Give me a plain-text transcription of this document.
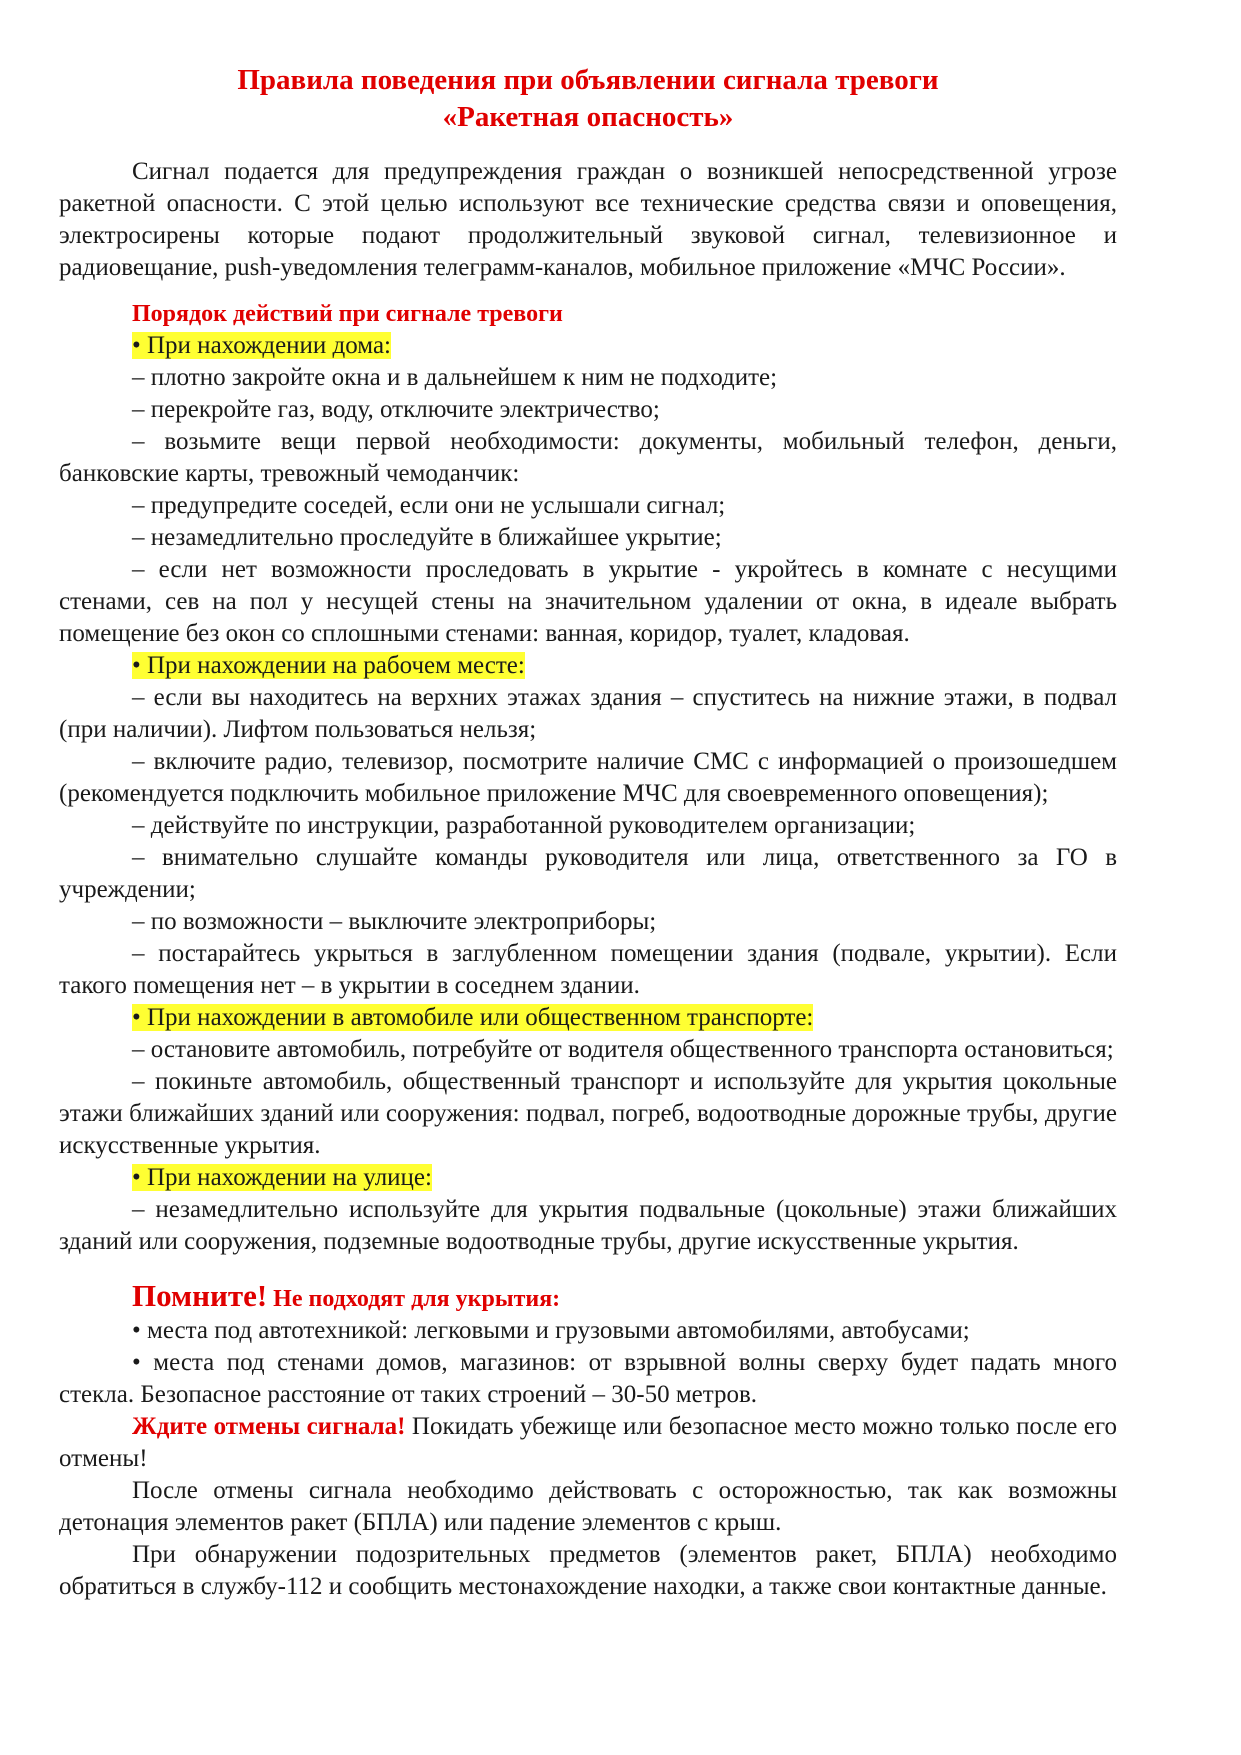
Правила поведения при объявлении сигнала тревоги
«Ракетная опасность»

Сигнал подается для предупреждения граждан о возникшей непосредственной угрозе ракетной опасности. С этой целью используют все технические средства связи и оповещения, электросирены которые подают продолжительный звуковой сигнал, телевизионное и радиовещание, push-уведомления телеграмм-каналов, мобильное приложение «МЧС России».

Порядок действий при сигнале тревоги

• При нахождении дома:

– плотно закройте окна и в дальнейшем к ним не подходите;

– перекройте газ, воду, отключите электричество;

– возьмите вещи первой необходимости: документы, мобильный телефон, деньги, банковские карты, тревожный чемоданчик:

– предупредите соседей, если они не услышали сигнал;

– незамедлительно проследуйте в ближайшее укрытие;

– если нет возможности проследовать в укрытие - укройтесь в комнате с несущими стенами, сев на пол у несущей стены на значительном удалении от окна, в идеале выбрать помещение без окон со сплошными стенами: ванная, коридор, туалет, кладовая.

• При нахождении на рабочем месте:

– если вы находитесь на верхних этажах здания – спуститесь на нижние этажи, в подвал (при наличии). Лифтом пользоваться нельзя;

– включите радио, телевизор, посмотрите наличие СМС с информацией о произошедшем (рекомендуется подключить мобильное приложение МЧС для своевременного оповещения);

– действуйте по инструкции, разработанной руководителем организации;

– внимательно слушайте команды руководителя или лица, ответственного за ГО в учреждении;

– по возможности – выключите электроприборы;

– постарайтесь укрыться в заглубленном помещении здания (подвале, укрытии). Если такого помещения нет – в укрытии в соседнем здании.

• При нахождении в автомобиле или общественном транспорте:

– остановите автомобиль, потребуйте от водителя общественного транспорта остановиться;

– покиньте автомобиль, общественный транспорт и используйте для укрытия цокольные этажи ближайших зданий или сооружения: подвал, погреб, водоотводные дорожные трубы, другие искусственные укрытия.

• При нахождении на улице:

– незамедлительно используйте для укрытия подвальные (цокольные) этажи ближайших зданий или сооружения, подземные водоотводные трубы, другие искусственные укрытия.

Помните! Не подходят для укрытия:

• места под автотехникой: легковыми и грузовыми автомобилями, автобусами;

• места под стенами домов, магазинов: от взрывной волны сверху будет падать много стекла. Безопасное расстояние от таких строений – 30-50 метров.

Ждите отмены сигнала! Покидать убежище или безопасное место можно только после его отмены!

После отмены сигнала необходимо действовать с осторожностью, так как возможны детонация элементов ракет (БПЛА) или падение элементов с крыш.

При обнаружении подозрительных предметов (элементов ракет, БПЛА) необходимо обратиться в службу-112 и сообщить местонахождение находки, а также свои контактные данные.
